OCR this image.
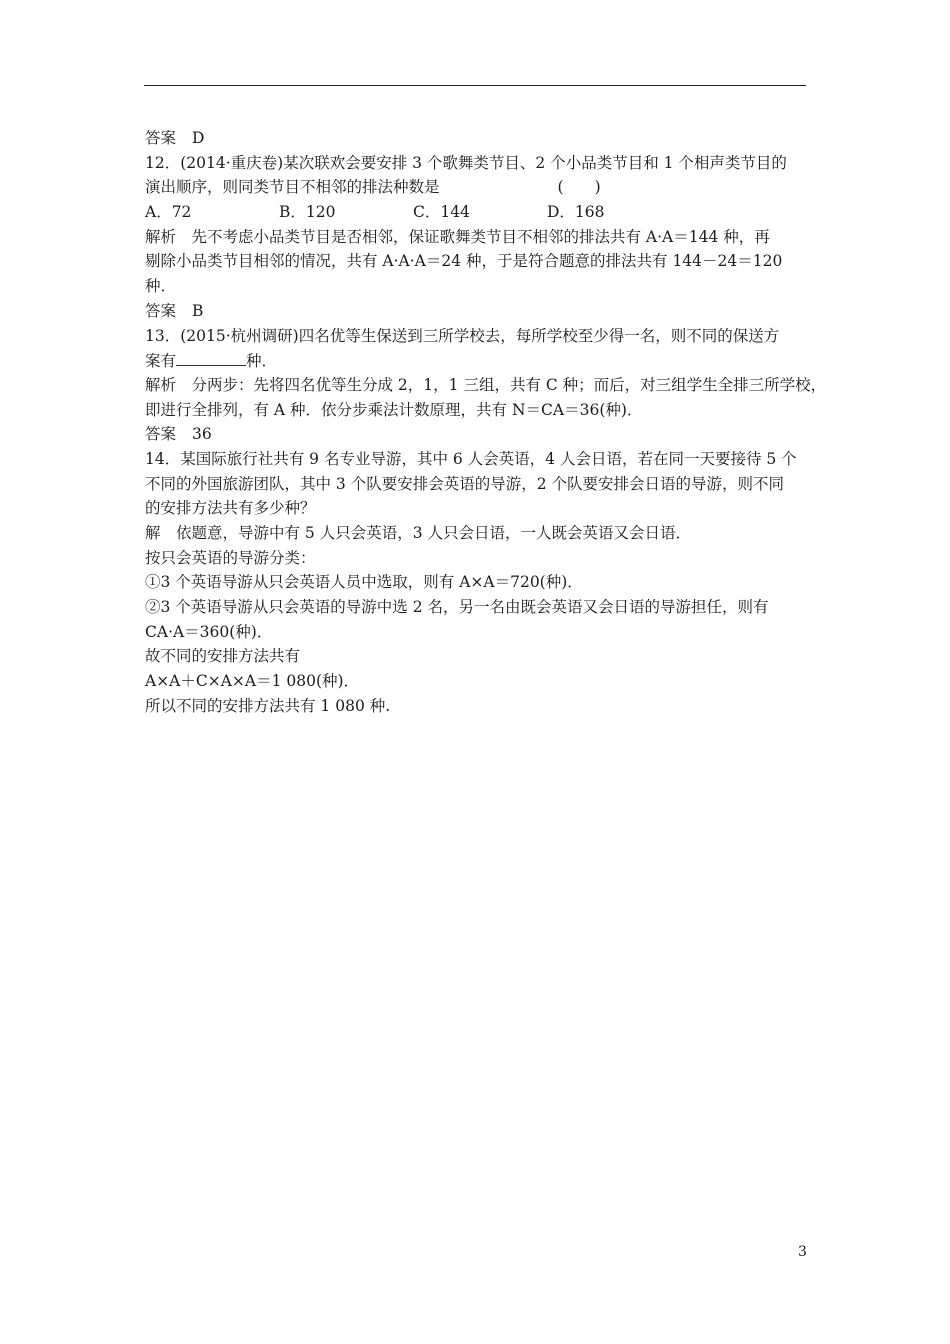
答案 D
12．(2014·重庆卷)某次联欢会要安排 3 个歌舞类节目、2 个小品类节目和 1 个相声类节目的
演出顺序，则同类节目不相邻的排法种数是	(　　)
A．72	B．120	C．144	D．168
解析　先不考虑小品类节目是否相邻，保证歌舞类节目不相邻的排法共有 A·A＝144 种，再
剔除小品类节目相邻的情况，共有 A·A·A＝24 种，于是符合题意的排法共有 144－24＝120
种．
答案 B
13．(2015·杭州调研)四名优等生保送到三所学校去，每所学校至少得一名，则不同的保送方
案有	种．
解析　分两步：先将四名优等生分成 2，1，1 三组，共有 C 种；而后，对三组学生全排三所学校，
即进行全排列，有 A 种．依分步乘法计数原理，共有 N＝CA＝36(种)．
答案 36
14．某国际旅行社共有 9 名专业导游，其中 6 人会英语，4 人会日语，若在同一天要接待 5 个
不同的外国旅游团队，其中 3 个队要安排会英语的导游，2 个队要安排会日语的导游，则不同
的安排方法共有多少种？
解　依题意，导游中有 5 人只会英语，3 人只会日语，一人既会英语又会日语．
按只会英语的导游分类：
①3 个英语导游从只会英语人员中选取，则有 A×A＝720(种)．
②3 个英语导游从只会英语的导游中选 2 名，另一名由既会英语又会日语的导游担任，则有
CA·A＝360(种)．
故不同的安排方法共有
A×A＋C×A×A＝1 080(种)．
所以不同的安排方法共有 1 080 种.
3
